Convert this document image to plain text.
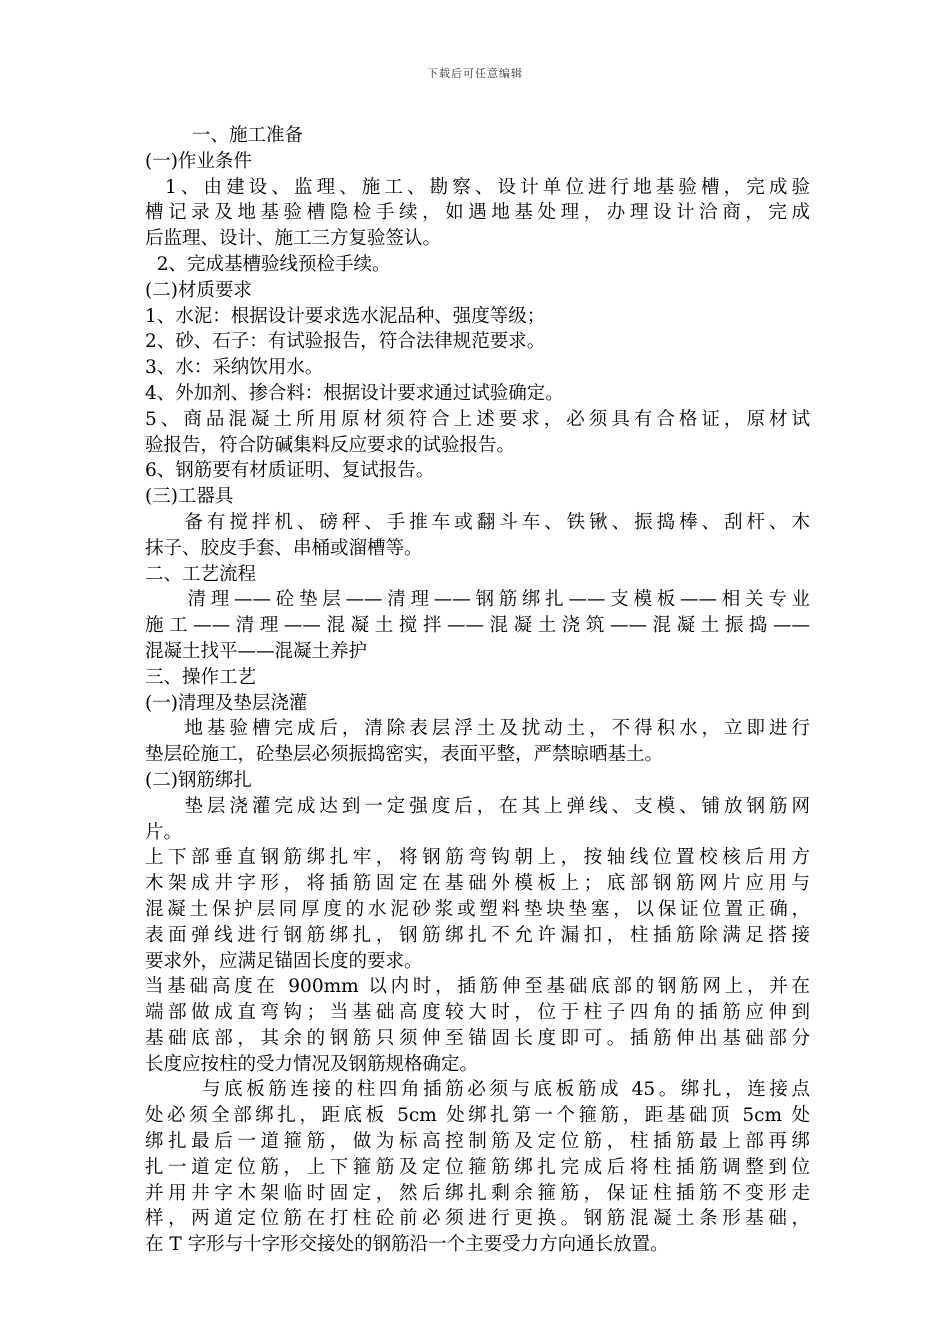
下载后可任意编辑
一、施工准备
(一)作业条件
1、由建设、监理、施工、勘察、设计单位进行地基验槽，完成验
槽记录及地基验槽隐检手续，如遇地基处理，办理设计洽商，完成
后监理、设计、施工三方复验签认。
2、完成基槽验线预检手续。
(二)材质要求
1、水泥：根据设计要求选水泥品种、强度等级；
2、砂、石子：有试验报告，符合法律规范要求。
3、水：采纳饮用水。
4、外加剂、掺合料：根据设计要求通过试验确定。
5、商品混凝土所用原材须符合上述要求，必须具有合格证，原材试
验报告，符合防碱集料反应要求的试验报告。
6、钢筋要有材质证明、复试报告。
(三)工器具
备有搅拌机、磅秤、手推车或翻斗车、铁锹、振捣棒、刮杆、木
抹子、胶皮手套、串桶或溜槽等。
二、工艺流程
清理——砼垫层——清理——钢筋绑扎——支模板——相关专业
施工——清理——混凝土搅拌——混凝土浇筑——混凝土振捣——
混凝土找平——混凝土养护
三、操作工艺
(一)清理及垫层浇灌
地基验槽完成后，清除表层浮土及扰动土，不得积水，立即进行
垫层砼施工，砼垫层必须振捣密实，表面平整，严禁晾晒基土。
(二)钢筋绑扎
垫层浇灌完成达到一定强度后，在其上弹线、支模、铺放钢筋网
片。
上下部垂直钢筋绑扎牢，将钢筋弯钩朝上，按轴线位置校核后用方
木架成井字形，将插筋固定在基础外模板上；底部钢筋网片应用与
混凝土保护层同厚度的水泥砂浆或塑料垫块垫塞，以保证位置正确，
表面弹线进行钢筋绑扎，钢筋绑扎不允许漏扣，柱插筋除满足搭接
要求外，应满足锚固长度的要求。
当基础高度在 900mm 以内时，插筋伸至基础底部的钢筋网上，并在
端部做成直弯钩；当基础高度较大时，位于柱子四角的插筋应伸到
基础底部，其余的钢筋只须伸至锚固长度即可。插筋伸出基础部分
长度应按柱的受力情况及钢筋规格确定。
与底板筋连接的柱四角插筋必须与底板筋成 45。绑扎，连接点
处必须全部绑扎，距底板 5cm 处绑扎第一个箍筋，距基础顶 5cm 处
绑扎最后一道箍筋，做为标高控制筋及定位筋，柱插筋最上部再绑
扎一道定位筋，上下箍筋及定位箍筋绑扎完成后将柱插筋调整到位
并用井字木架临时固定，然后绑扎剩余箍筋，保证柱插筋不变形走
样，两道定位筋在打柱砼前必须进行更换。钢筋混凝土条形基础，
在 T 字形与十字形交接处的钢筋沿一个主要受力方向通长放置。
